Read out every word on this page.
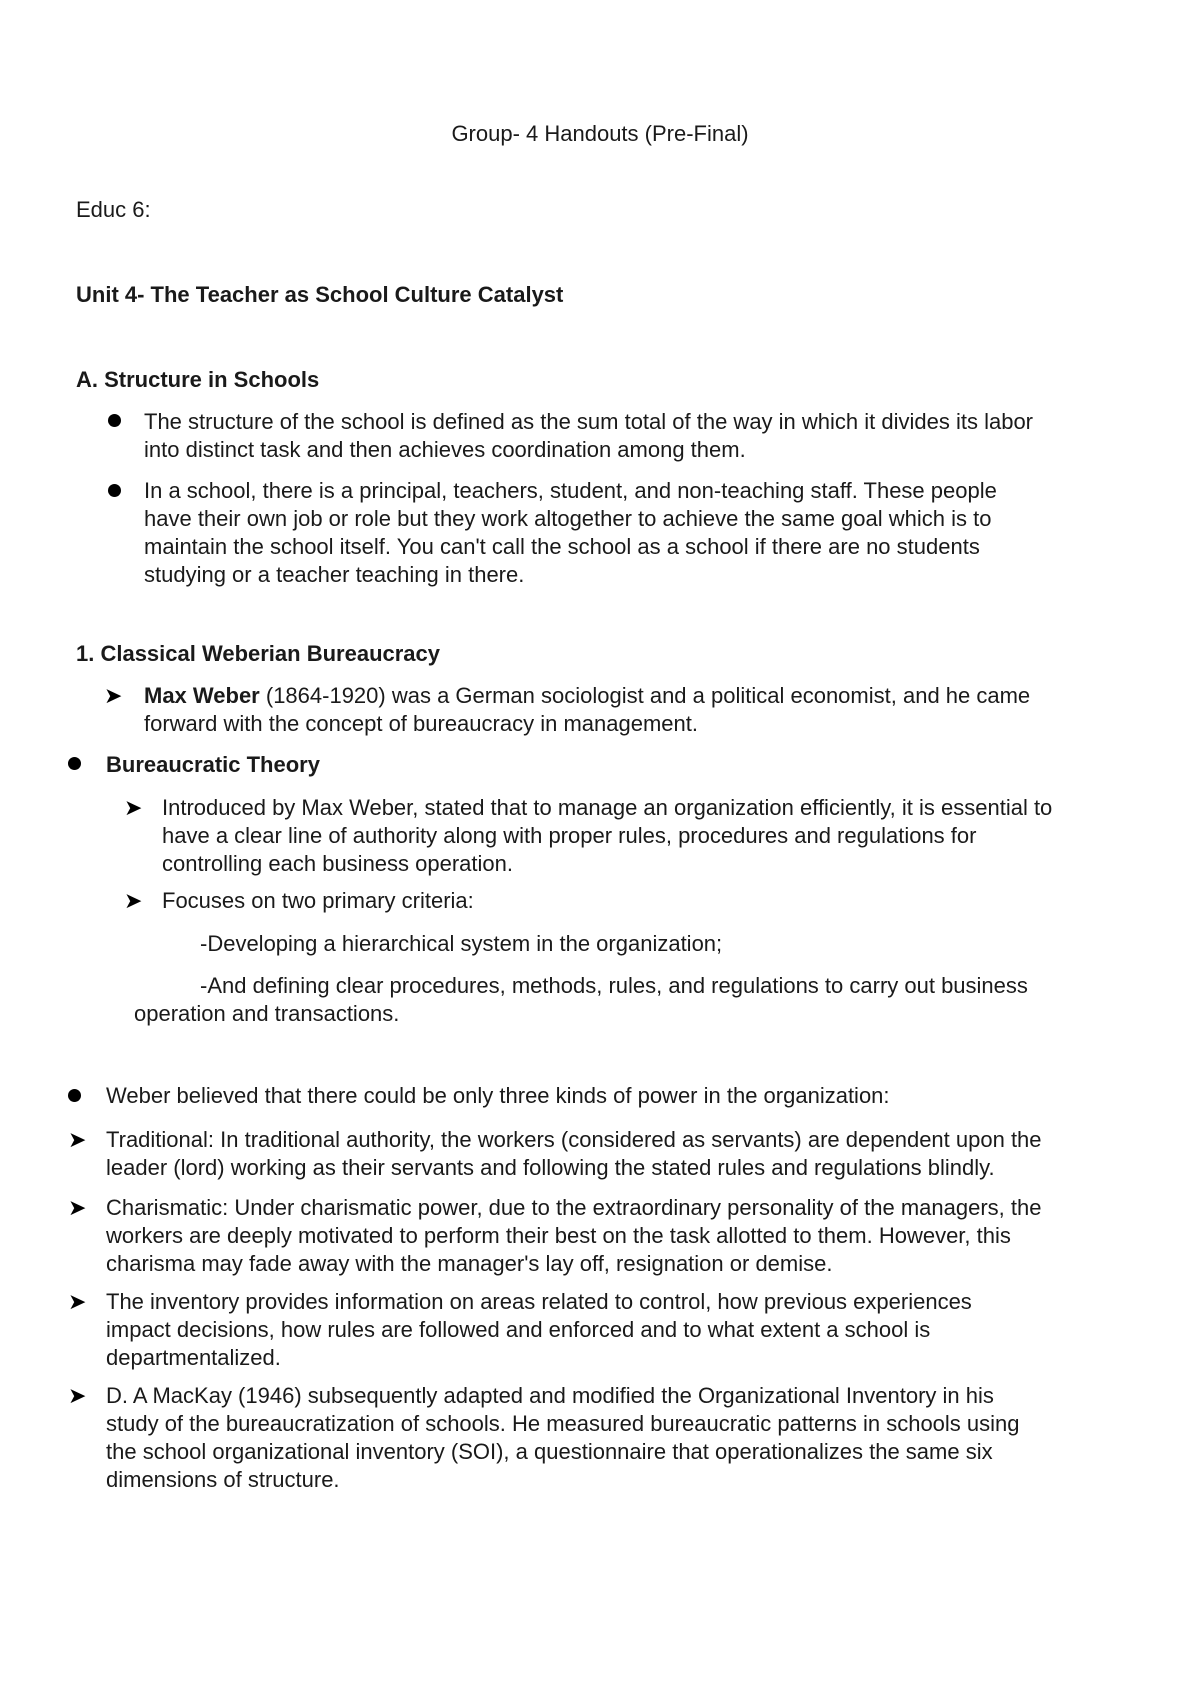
Group- 4 Handouts (Pre-Final)
Educ 6:
Unit 4- The Teacher as School Culture Catalyst
A. Structure in Schools
The structure of the school is defined as the sum total of the way in which it divides its labor into distinct task and then achieves coordination among them.
In a school, there is a principal, teachers, student, and non-teaching staff. These people have their own job or role but they work altogether to achieve the same goal which is to maintain the school itself. You can't call the school as a school if there are no students studying or a teacher teaching in there.
1. Classical Weberian Bureaucracy
➤ Max Weber (1864-1920) was a German sociologist and a political economist, and he came forward with the concept of bureaucracy in management.
Bureaucratic Theory
➤ Introduced by Max Weber, stated that to manage an organization efficiently, it is essential to have a clear line of authority along with proper rules, procedures and regulations for controlling each business operation.
➤ Focuses on two primary criteria:
-Developing a hierarchical system in the organization;
-And defining clear procedures, methods, rules, and regulations to carry out business operation and transactions.
Weber believed that there could be only three kinds of power in the organization:
➤ Traditional: In traditional authority, the workers (considered as servants) are dependent upon the leader (lord) working as their servants and following the stated rules and regulations blindly.
➤ Charismatic: Under charismatic power, due to the extraordinary personality of the managers, the workers are deeply motivated to perform their best on the task allotted to them. However, this charisma may fade away with the manager's lay off, resignation or demise.
➤ The inventory provides information on areas related to control, how previous experiences impact decisions, how rules are followed and enforced and to what extent a school is departmentalized.
➤ D. A MacKay (1946) subsequently adapted and modified the Organizational Inventory in his study of the bureaucratization of schools. He measured bureaucratic patterns in schools using the school organizational inventory (SOI), a questionnaire that operationalizes the same six dimensions of structure.
